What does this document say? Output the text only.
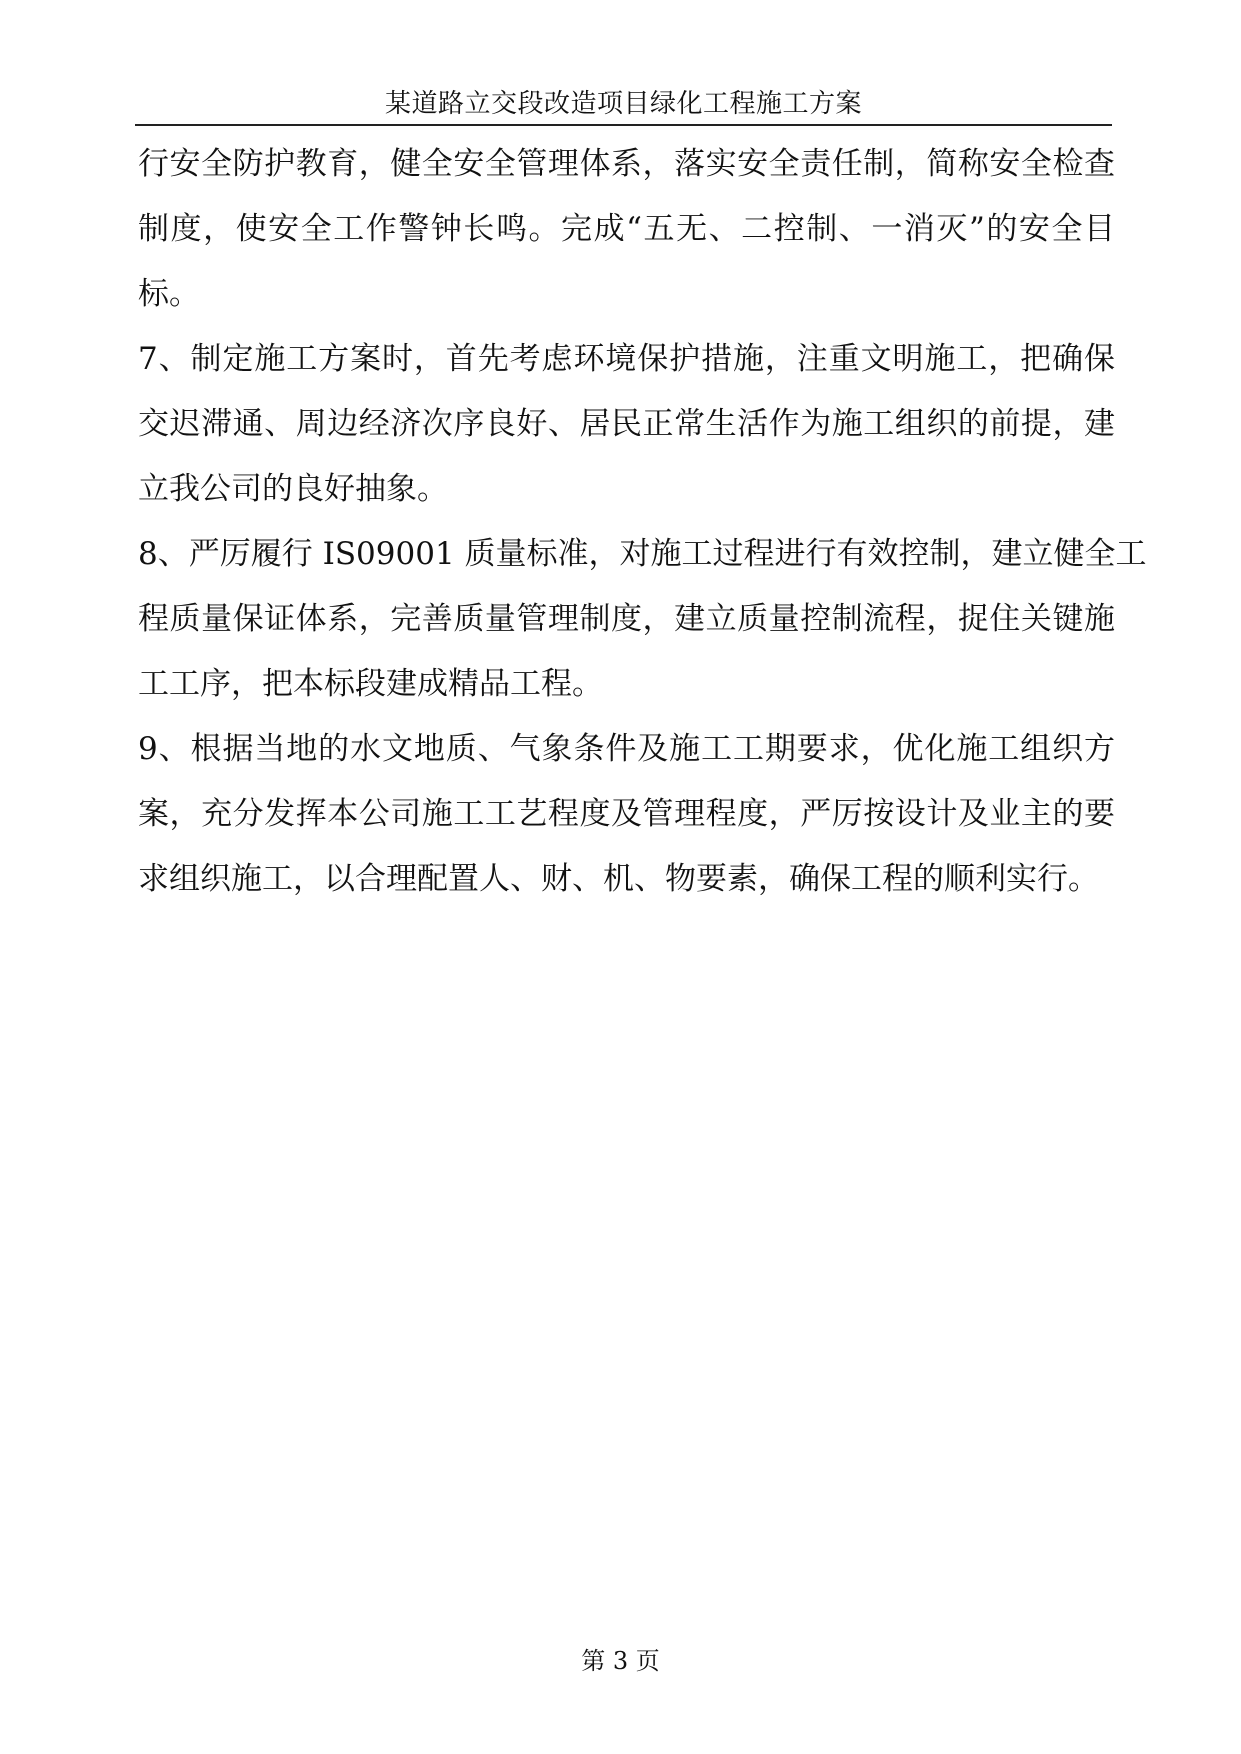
某道路立交段改造项目绿化工程施工方案
行安全防护教育，健全安全管理体系，落实安全责任制，简称安全检查
制度，使安全工作警钟长鸣。完成“五无、二控制、一消灭”的安全目
标。
7、制定施工方案时，首先考虑环境保护措施，注重文明施工，把确保
交迟滞通、周边经济次序良好、居民正常生活作为施工组织的前提，建
立我公司的良好抽象。
8、严厉履行 IS09001 质量标准，对施工过程进行有效控制，建立健全工
程质量保证体系，完善质量管理制度，建立质量控制流程，捉住关键施
工工序，把本标段建成精品工程。
9、根据当地的水文地质、气象条件及施工工期要求，优化施工组织方
案，充分发挥本公司施工工艺程度及管理程度，严厉按设计及业主的要
求组织施工，以合理配置人、财、机、物要素，确保工程的顺利实行。
第 3 页
